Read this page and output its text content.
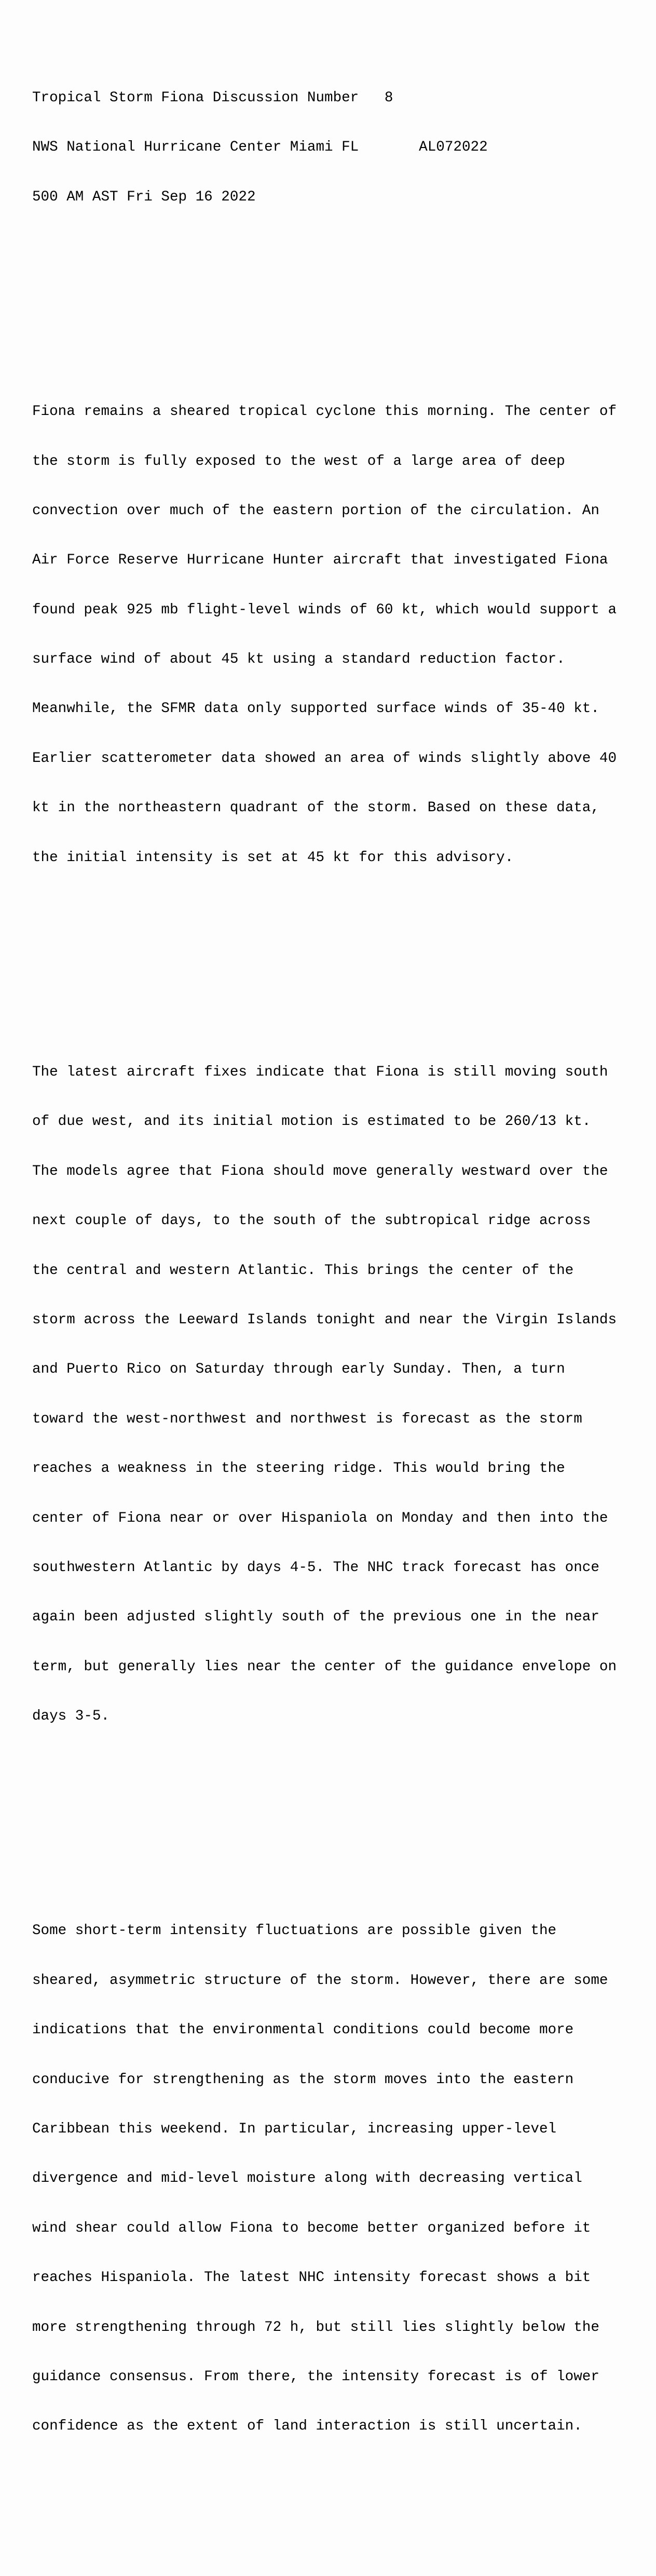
Tropical Storm Fiona Discussion Number   8

NWS National Hurricane Center Miami FL       AL072022

500 AM AST Fri Sep 16 2022

Fiona remains a sheared tropical cyclone this morning. The center of

the storm is fully exposed to the west of a large area of deep

convection over much of the eastern portion of the circulation. An

Air Force Reserve Hurricane Hunter aircraft that investigated Fiona

found peak 925 mb flight-level winds of 60 kt, which would support a

surface wind of about 45 kt using a standard reduction factor.

Meanwhile, the SFMR data only supported surface winds of 35-40 kt.

Earlier scatterometer data showed an area of winds slightly above 40

kt in the northeastern quadrant of the storm. Based on these data,

the initial intensity is set at 45 kt for this advisory.

The latest aircraft fixes indicate that Fiona is still moving south

of due west, and its initial motion is estimated to be 260/13 kt.

The models agree that Fiona should move generally westward over the

next couple of days, to the south of the subtropical ridge across

the central and western Atlantic. This brings the center of the

storm across the Leeward Islands tonight and near the Virgin Islands

and Puerto Rico on Saturday through early Sunday. Then, a turn

toward the west-northwest and northwest is forecast as the storm

reaches a weakness in the steering ridge. This would bring the

center of Fiona near or over Hispaniola on Monday and then into the

southwestern Atlantic by days 4-5. The NHC track forecast has once

again been adjusted slightly south of the previous one in the near

term, but generally lies near the center of the guidance envelope on

days 3-5.

Some short-term intensity fluctuations are possible given the

sheared, asymmetric structure of the storm. However, there are some

indications that the environmental conditions could become more

conducive for strengthening as the storm moves into the eastern

Caribbean this weekend. In particular, increasing upper-level

divergence and mid-level moisture along with decreasing vertical

wind shear could allow Fiona to become better organized before it

reaches Hispaniola. The latest NHC intensity forecast shows a bit

more strengthening through 72 h, but still lies slightly below the

guidance consensus. From there, the intensity forecast is of lower

confidence as the extent of land interaction is still uncertain.
